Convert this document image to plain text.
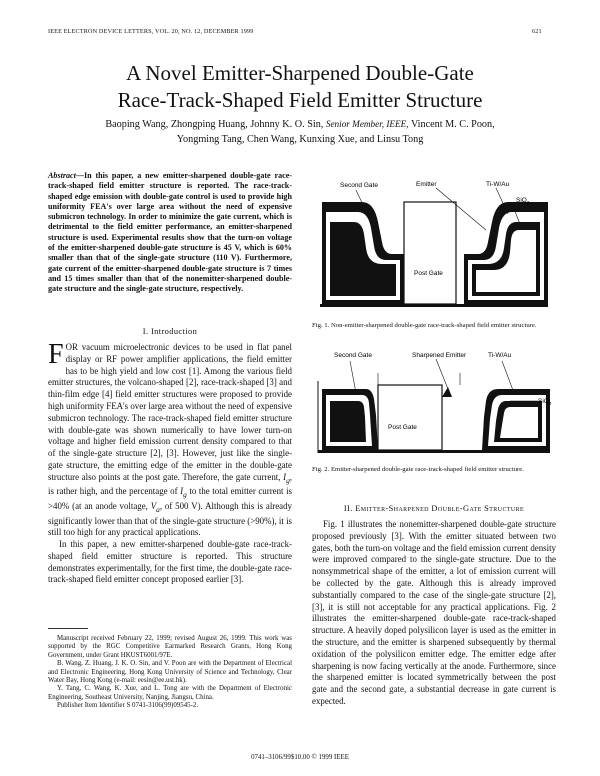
IEEE ELECTRON DEVICE LETTERS, VOL. 20, NO. 12, DECEMBER 1999	621
A Novel Emitter-Sharpened Double-Gate
Race-Track-Shaped Field Emitter Structure
Baoping Wang, Zhongping Huang, Johnny K. O. Sin, Senior Member, IEEE, Vincent M. C. Poon,
Yongming Tang, Chen Wang, Kunxing Xue, and Linsu Tong
Abstract—In this paper, a new emitter-sharpened double-gate race-track-shaped field emitter structure is reported. The race-track-shaped edge emission with double-gate control is used to provide high uniformity FEA's over large area without the need of expensive submicron technology. In order to minimize the gate current, which is detrimental to the field emitter performance, an emitter-sharpened structure is used. Experimental results show that the turn-on voltage of the emitter-sharpened double-gate structure is 45 V, which is 60% smaller than that of the single-gate structure (110 V). Furthermore, gate current of the emitter-sharpened double-gate structure is 7 times and 15 times smaller than that of the nonemitter-sharpened double-gate structure and the single-gate structure, respectively.
I. Introduction

FOR vacuum microelectronic devices to be used in flat panel display or RF power amplifier applications, the field emitter has to be high yield and low cost [1]. Among the various field emitter structures, the volcano-shaped [2], race-track-shaped [3] and thin-film edge [4] field emitter structures were proposed to provide high uniformity FEA's over large area without the need of expensive submicron technology. The race-track-shaped field emitter structure with double-gate was shown numerically to have lower turn-on voltage and higher field emission current density compared to that of the single-gate structure [2], [3]. However, just like the single-gate structure, the emitting edge of the emitter in the double-gate structure also points at the post gate. Therefore, the gate current, $I_g$, is rather high, and the percentage of $I_g$ to the total emitter current is >40% (at an anode voltage, $V_a$, of 500 V). Although this is already significantly lower than that of the single-gate structure (>90%), it is still too high for any practical applications.

In this paper, a new emitter-sharpened double-gate race-track-shaped field emitter structure is reported. This structure demonstrates experimentally, for the first time, the double-gate race-track-shaped field emitter concept proposed earlier [3].

Manuscript received February 22, 1999; revised August 26, 1999. This work was supported by the RGC Competitive Earmarked Research Grants, Hong Kong Government, under Grant HKUST6001/97E.

B. Wang, Z. Huang, J. K. O. Sin, and V. Poon are with the Department of Electrical and Electronic Engineering, Hong Kong University of Science and Technology, Clear Water Bay, Hong Kong (e-mail: eesin@ee.ust.hk).

Y. Tang, C. Wang, K. Xue, and L. Tong are with the Department of Electronic Engineering, Southeast University, Nanjing, Jiangsu, China.

Publisher Item Identifier S 0741-3106(99)09545-2.

Second Gate	Emitter	Ti-W/Au
SiO$_2$
Post Gate
Fig. 1. Non-emitter-sharpened double-gate race-track-shaped field emitter structure.
Second Gate	Sharpened Emitter	Ti-W/Au
SiO$_2$
Post Gate
Fig. 2. Emitter-sharpened double-gate race-track-shaped field emitter structure.
II. Emitter-Sharpened Double-Gate Structure

Fig. 1 illustrates the nonemitter-sharpened double-gate structure proposed previously [3]. With the emitter situated between two gates, both the turn-on voltage and the field emission current density were improved compared to the single-gate structure. Due to the nonsymmetrical shape of the emitter, a lot of emission current will be collected by the gate. Although this is already improved substantially compared to the case of the single-gate structure [2], [3], it is still not acceptable for any practical applications. Fig. 2 illustrates the emitter-sharpened double-gate race-track-shaped structure. A heavily doped polysilicon layer is used as the emitter in the structure, and the emitter is sharpened subsequently by thermal oxidation of the polysilicon emitter edge. The emitter edge after sharpening is now facing vertically at the anode. Furthermore, since the sharpened emitter is located symmetrically between the post gate and the second gate, a substantial decrease in gate current is expected.

0741–3106/99$10.00 © 1999 IEEE
